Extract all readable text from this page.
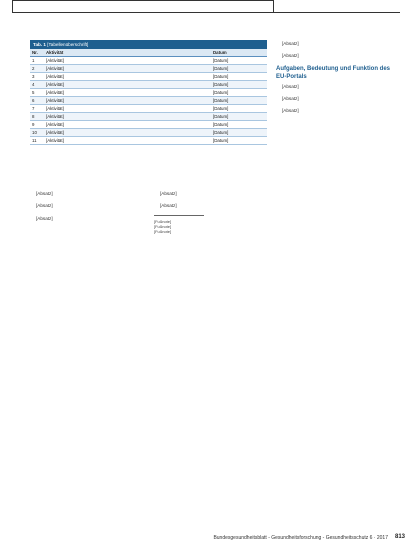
Tab. 1 [Tabellenüberschrift]
Nr.	Aktivität	Datum
1	[Aktivität]	[Datum]
2	[Aktivität]	[Datum]
3	[Aktivität]	[Datum]
4	[Aktivität]	[Datum]
5	[Aktivität]	[Datum]
6	[Aktivität]	[Datum]
7	[Aktivität]	[Datum]
8	[Aktivität]	[Datum]
9	[Aktivität]	[Datum]
10	[Aktivität]	[Datum]
11	[Aktivität]	[Datum]

[Absatz]

[Absatz]

[Absatz]

[Absatz]

[Absatz]

[Fußnote]
[Fußnote]
[Fußnote]

[Absatz]

[Absatz]

Aufgaben, Bedeutung und Funktion des EU-Portals

[Absatz]

[Absatz]

[Absatz]

Bundesgesundheitsblatt - Gesundheitsforschung - Gesundheitsschutz 6 · 2017 813
